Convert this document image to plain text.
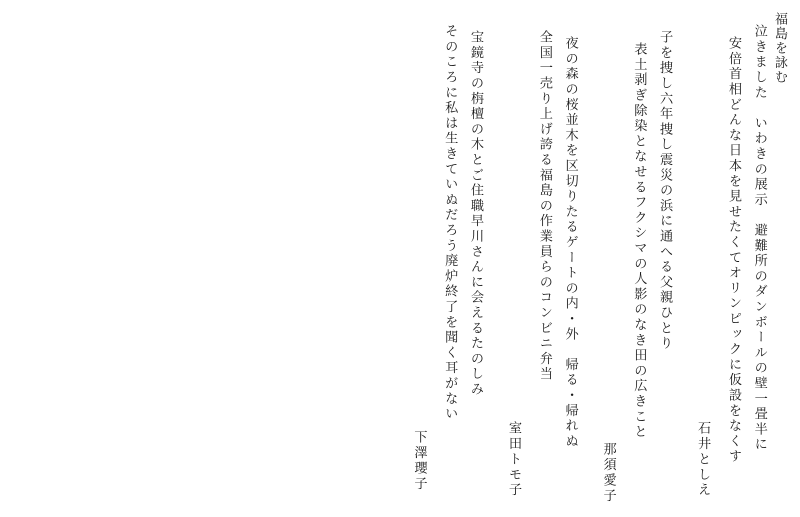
福島を詠む
泣きました　いわきの展示　避難所のダンボールの壁一畳半に
安倍首相どんな日本を見せたくてオリンピックに仮設をなくす
石井としえ
子を捜し六年捜し震災の浜に通へる父親ひとり
表土剥ぎ除染となせるフクシマの人影のなき田の広きこと
那須愛子
夜の森の桜並木を区切りたるゲートの内・外　帰る・帰れぬ
全国一売り上げ誇る福島の作業員らのコンビニ弁当
室田トモ子
宝鏡寺の栴檀の木とご住職早川さんに会えるたのしみ
そのころに私は生きていぬだろう廃炉終了を聞く耳がない
下澤瓔子
